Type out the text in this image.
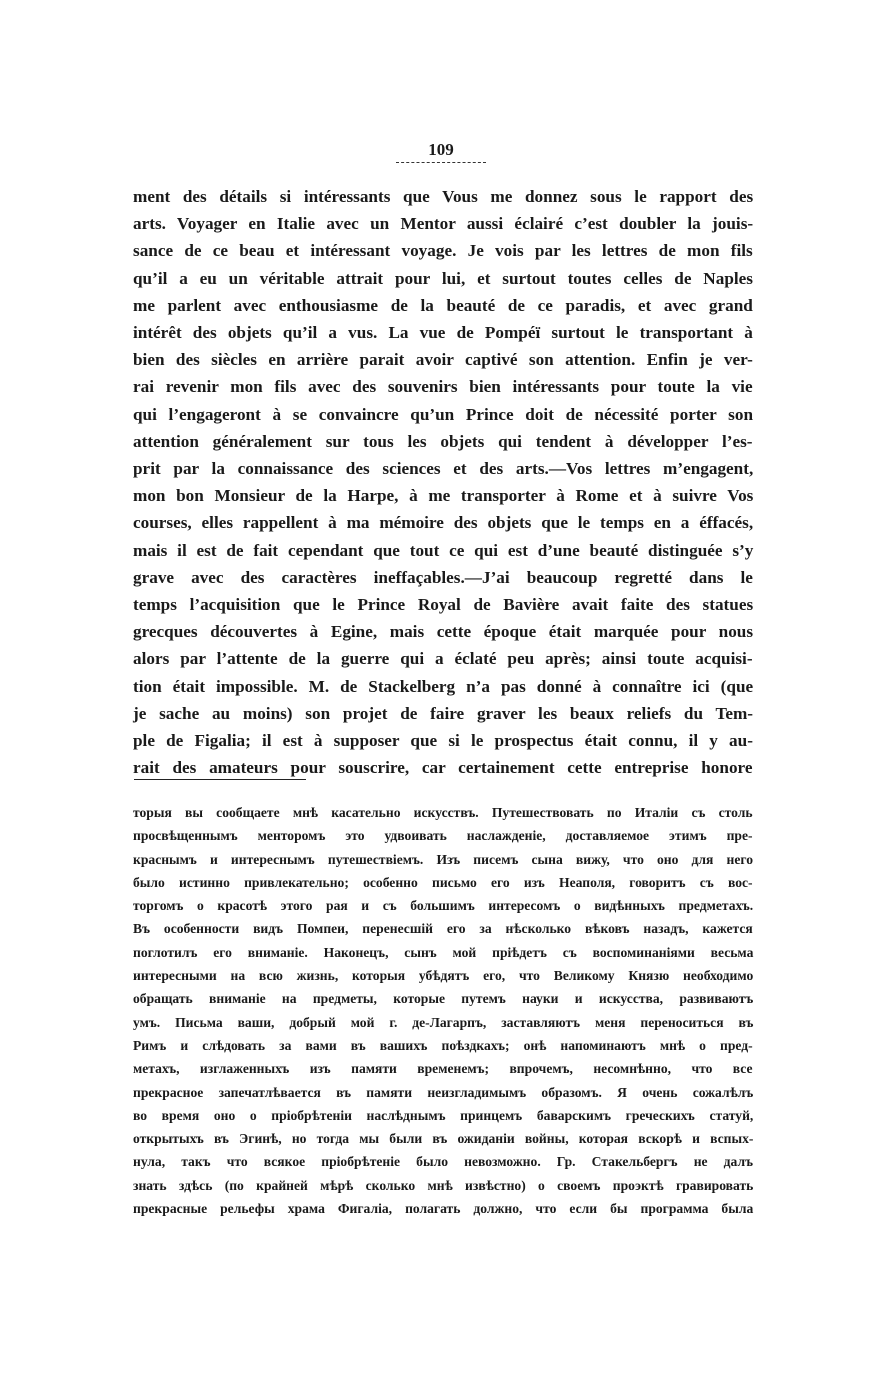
109
ment des détails si intéressants que Vous me donnez sous le rapport des
arts. Voyager en Italie avec un Mentor aussi éclairé c’est doubler la jouis-
sance de ce beau et intéressant voyage. Je vois par les lettres de mon fils
qu’il a eu un véritable attrait pour lui, et surtout toutes celles de Naples
me parlent avec enthousiasme de la beauté de ce paradis, et avec grand
intérêt des objets qu’il a vus. La vue de Pompéï surtout le transportant à
bien des siècles en arrière parait avoir captivé son attention. Enfin je ver-
rai revenir mon fils avec des souvenirs bien intéressants pour toute la vie
qui l’engageront à se convaincre qu’un Prince doit de nécessité porter son
attention généralement sur tous les objets qui tendent à développer l’es-
prit par la connaissance des sciences et des arts.—Vos lettres m’engagent,
mon bon Monsieur de la Harpe, à me transporter à Rome et à suivre Vos
courses, elles rappellent à ma mémoire des objets que le temps en a éffacés,
mais il est de fait cependant que tout ce qui est d’une beauté distinguée s’y
grave avec des caractères ineffaçables.—J’ai beaucoup regretté dans le
temps l’acquisition que le Prince Royal de Bavière avait faite des statues
grecques découvertes à Egine, mais cette époque était marquée pour nous
alors par l’attente de la guerre qui a éclaté peu après; ainsi toute acquisi-
tion était impossible. M. de Stackelberg n’a pas donné à connaître ici (que
je sache au moins) son projet de faire graver les beaux reliefs du Tem-
ple de Figalia; il est à supposer que si le prospectus était connu, il y au-
rait des amateurs pour souscrire, car certainement cette entreprise honore
торыя вы сообщаете мнѣ касательно искусствъ. Путешествовать по Италіи съ столь
просвѣщеннымъ менторомъ это удвоивать наслажденіе, доставляемое этимъ пре-
краснымъ и интереснымъ путешествіемъ. Изъ писемъ сына вижу, что оно для него
было истинно привлекательно; особенно письмо его изъ Неаполя, говоритъ съ вос-
торгомъ о красотѣ этого рая и съ большимъ интересомъ о видѣнныхъ предметахъ.
Въ особенности видъ Помпеи, перенесшій его за нѣсколько вѣковъ назадъ, кажется
поглотилъ его вниманіе. Наконецъ, сынъ мой пріѣдетъ съ воспоминаніями весьма
интересными на всю жизнь, которыя убѣдятъ его, что Великому Князю необходимо
обращать вниманіе на предметы, которые путемъ науки и искусства, развиваютъ
умъ. Письма ваши, добрый мой г. де-Лагарпъ, заставляютъ меня переноситься въ
Римъ и слѣдовать за вами въ вашихъ поѣздкахъ; онѣ напоминаютъ мнѣ о пред-
метахъ, изглаженныхъ изъ памяти временемъ; впрочемъ, несомнѣнно, что все
прекрасное запечатлѣвается въ памяти неизгладимымъ образомъ. Я очень сожалѣлъ
во время оно о пріобрѣтеніи наслѣднымъ принцемъ баварскимъ греческихъ статуй,
открытыхъ въ Эгинѣ, но тогда мы были въ ожиданіи войны, которая вскорѣ и вспых-
нула, такъ что всякое пріобрѣтеніе было невозможно. Гр. Стакельбергъ не далъ
знать здѣсь (по крайней мѣрѣ сколько мнѣ извѣстно) о своемъ проэктѣ гравировать
прекрасные рельефы храма Фигаліа, полагать должно, что если бы программа была
